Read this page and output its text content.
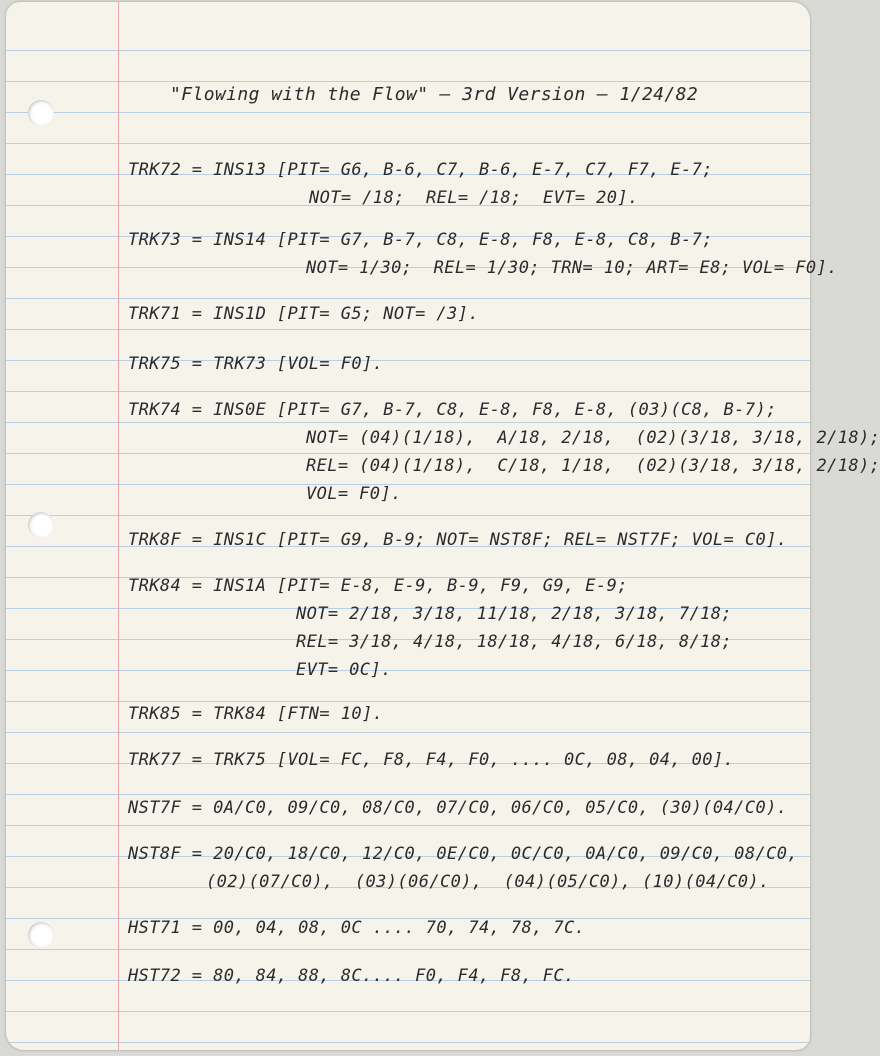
"Flowing with the Flow" — 3rd Version — 1/24/82

TRK72 = INS13 [PIT= G6, B-6, C7, B-6, E-7, C7, F7, E-7;

NOT= /18;  REL= /18;  EVT= 20].

TRK73 = INS14 [PIT= G7, B-7, C8, E-8, F8, E-8, C8, B-7;

NOT= 1/30;  REL= 1/30; TRN= 10; ART= E8; VOL= F0].

TRK71 = INS1D [PIT= G5; NOT= /3].

TRK75 = TRK73 [VOL= F0].

TRK74 = INS0E [PIT= G7, B-7, C8, E-8, F8, E-8, (03)(C8, B-7);

NOT= (04)(1/18),  A/18, 2/18,  (02)(3/18, 3/18, 2/18);

REL= (04)(1/18),  C/18, 1/18,  (02)(3/18, 3/18, 2/18);

VOL= F0].

TRK8F = INS1C [PIT= G9, B-9; NOT= NST8F; REL= NST7F; VOL= C0].

TRK84 = INS1A [PIT= E-8, E-9, B-9, F9, G9, E-9;

NOT= 2/18, 3/18, 11/18, 2/18, 3/18, 7/18;

REL= 3/18, 4/18, 18/18, 4/18, 6/18, 8/18;

EVT= 0C].

TRK85 = TRK84 [FTN= 10].

TRK77 = TRK75 [VOL= FC, F8, F4, F0, .... 0C, 08, 04, 00].

NST7F = 0A/C0, 09/C0, 08/C0, 07/C0, 06/C0, 05/C0, (30)(04/C0).

NST8F = 20/C0, 18/C0, 12/C0, 0E/C0, 0C/C0, 0A/C0, 09/C0, 08/C0,

(02)(07/C0),  (03)(06/C0),  (04)(05/C0), (10)(04/C0).

HST71 = 00, 04, 08, 0C .... 70, 74, 78, 7C.

HST72 = 80, 84, 88, 8C.... F0, F4, F8, FC.
